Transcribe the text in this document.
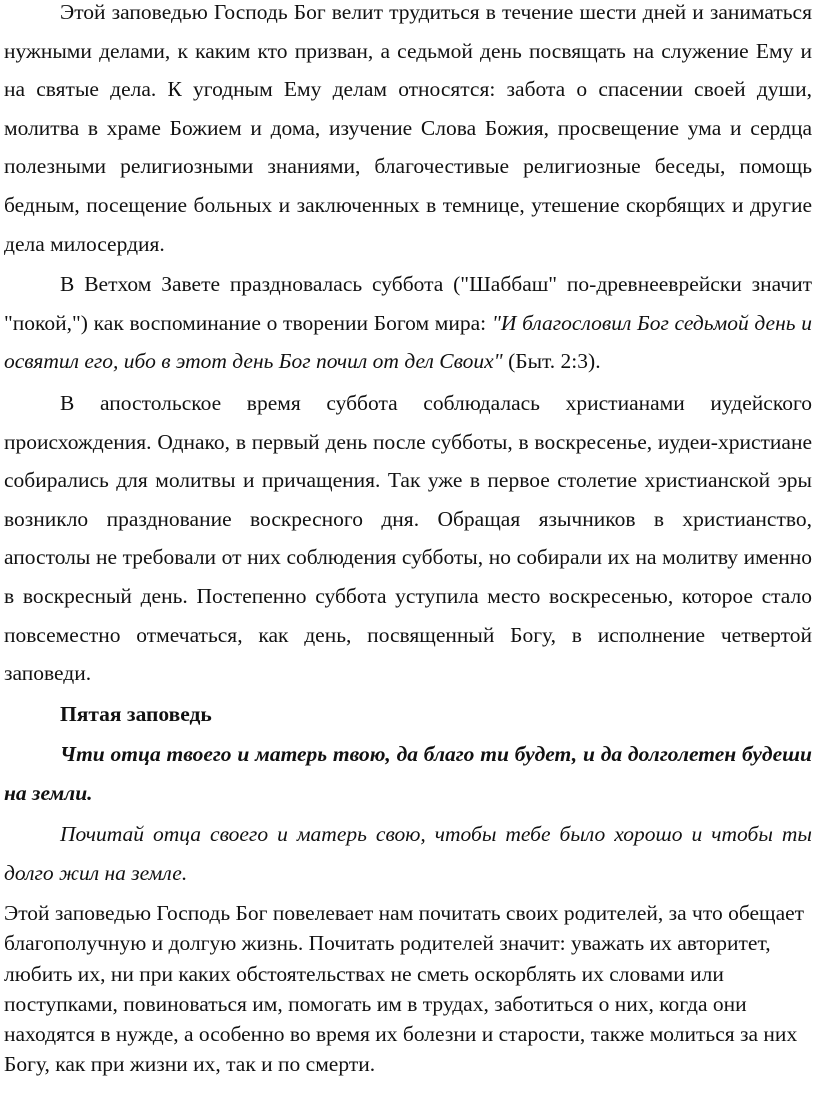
Этой заповедью Господь Бог велит трудиться в течение шести дней и заниматься нужными делами, к каким кто призван, а седьмой день посвящать на служение Ему и на святые дела. К угодным Ему делам относятся: забота о спасении своей души, молитва в храме Божием и дома, изучение Слова Божия, просвещение ума и сердца полезными религиозными знаниями, благочестивые религиозные беседы, помощь бедным, посещение больных и заключенных в темнице, утешение скорбящих и другие дела милосердия.

В Ветхом Завете праздновалась суббота ("Шаббаш" по-древнееврейски значит "покой,") как воспоминание о творении Богом мира: "И благословил Бог седьмой день и освятил его, ибо в этот день Бог почил от дел Своих" (Быт. 2:3).

В апостольское время суббота соблюдалась христианами иудейского происхождения. Однако, в первый день после субботы, в воскресенье, иудеи-христиане собирались для молитвы и причащения. Так уже в первое столетие христианской эры возникло празднование воскресного дня. Обращая язычников в христианство, апостолы не требовали от них соблюдения субботы, но собирали их на молитву именно в воскресный день. Постепенно суббота уступила место воскресенью, которое стало повсеместно отмечаться, как день, посвященный Богу, в исполнение четвертой заповеди.

Пятая заповедь

Чти отца твоего и матерь твою, да благо ти будет, и да долголетен будеши на земли.

Почитай отца своего и матерь свою, чтобы тебе было хорошо и чтобы ты долго жил на земле.

Этой заповедью Господь Бог повелевает нам почитать своих родителей, за что обещает благополучную и долгую жизнь. Почитать родителей значит: уважать их авторитет, любить их, ни при каких обстоятельствах не сметь оскорблять их словами или поступками, повиноваться им, помогать им в трудах, заботиться о них, когда они находятся в нужде, а особенно во время их болезни и старости, также молиться за них Богу, как при жизни их, так и по смерти.
